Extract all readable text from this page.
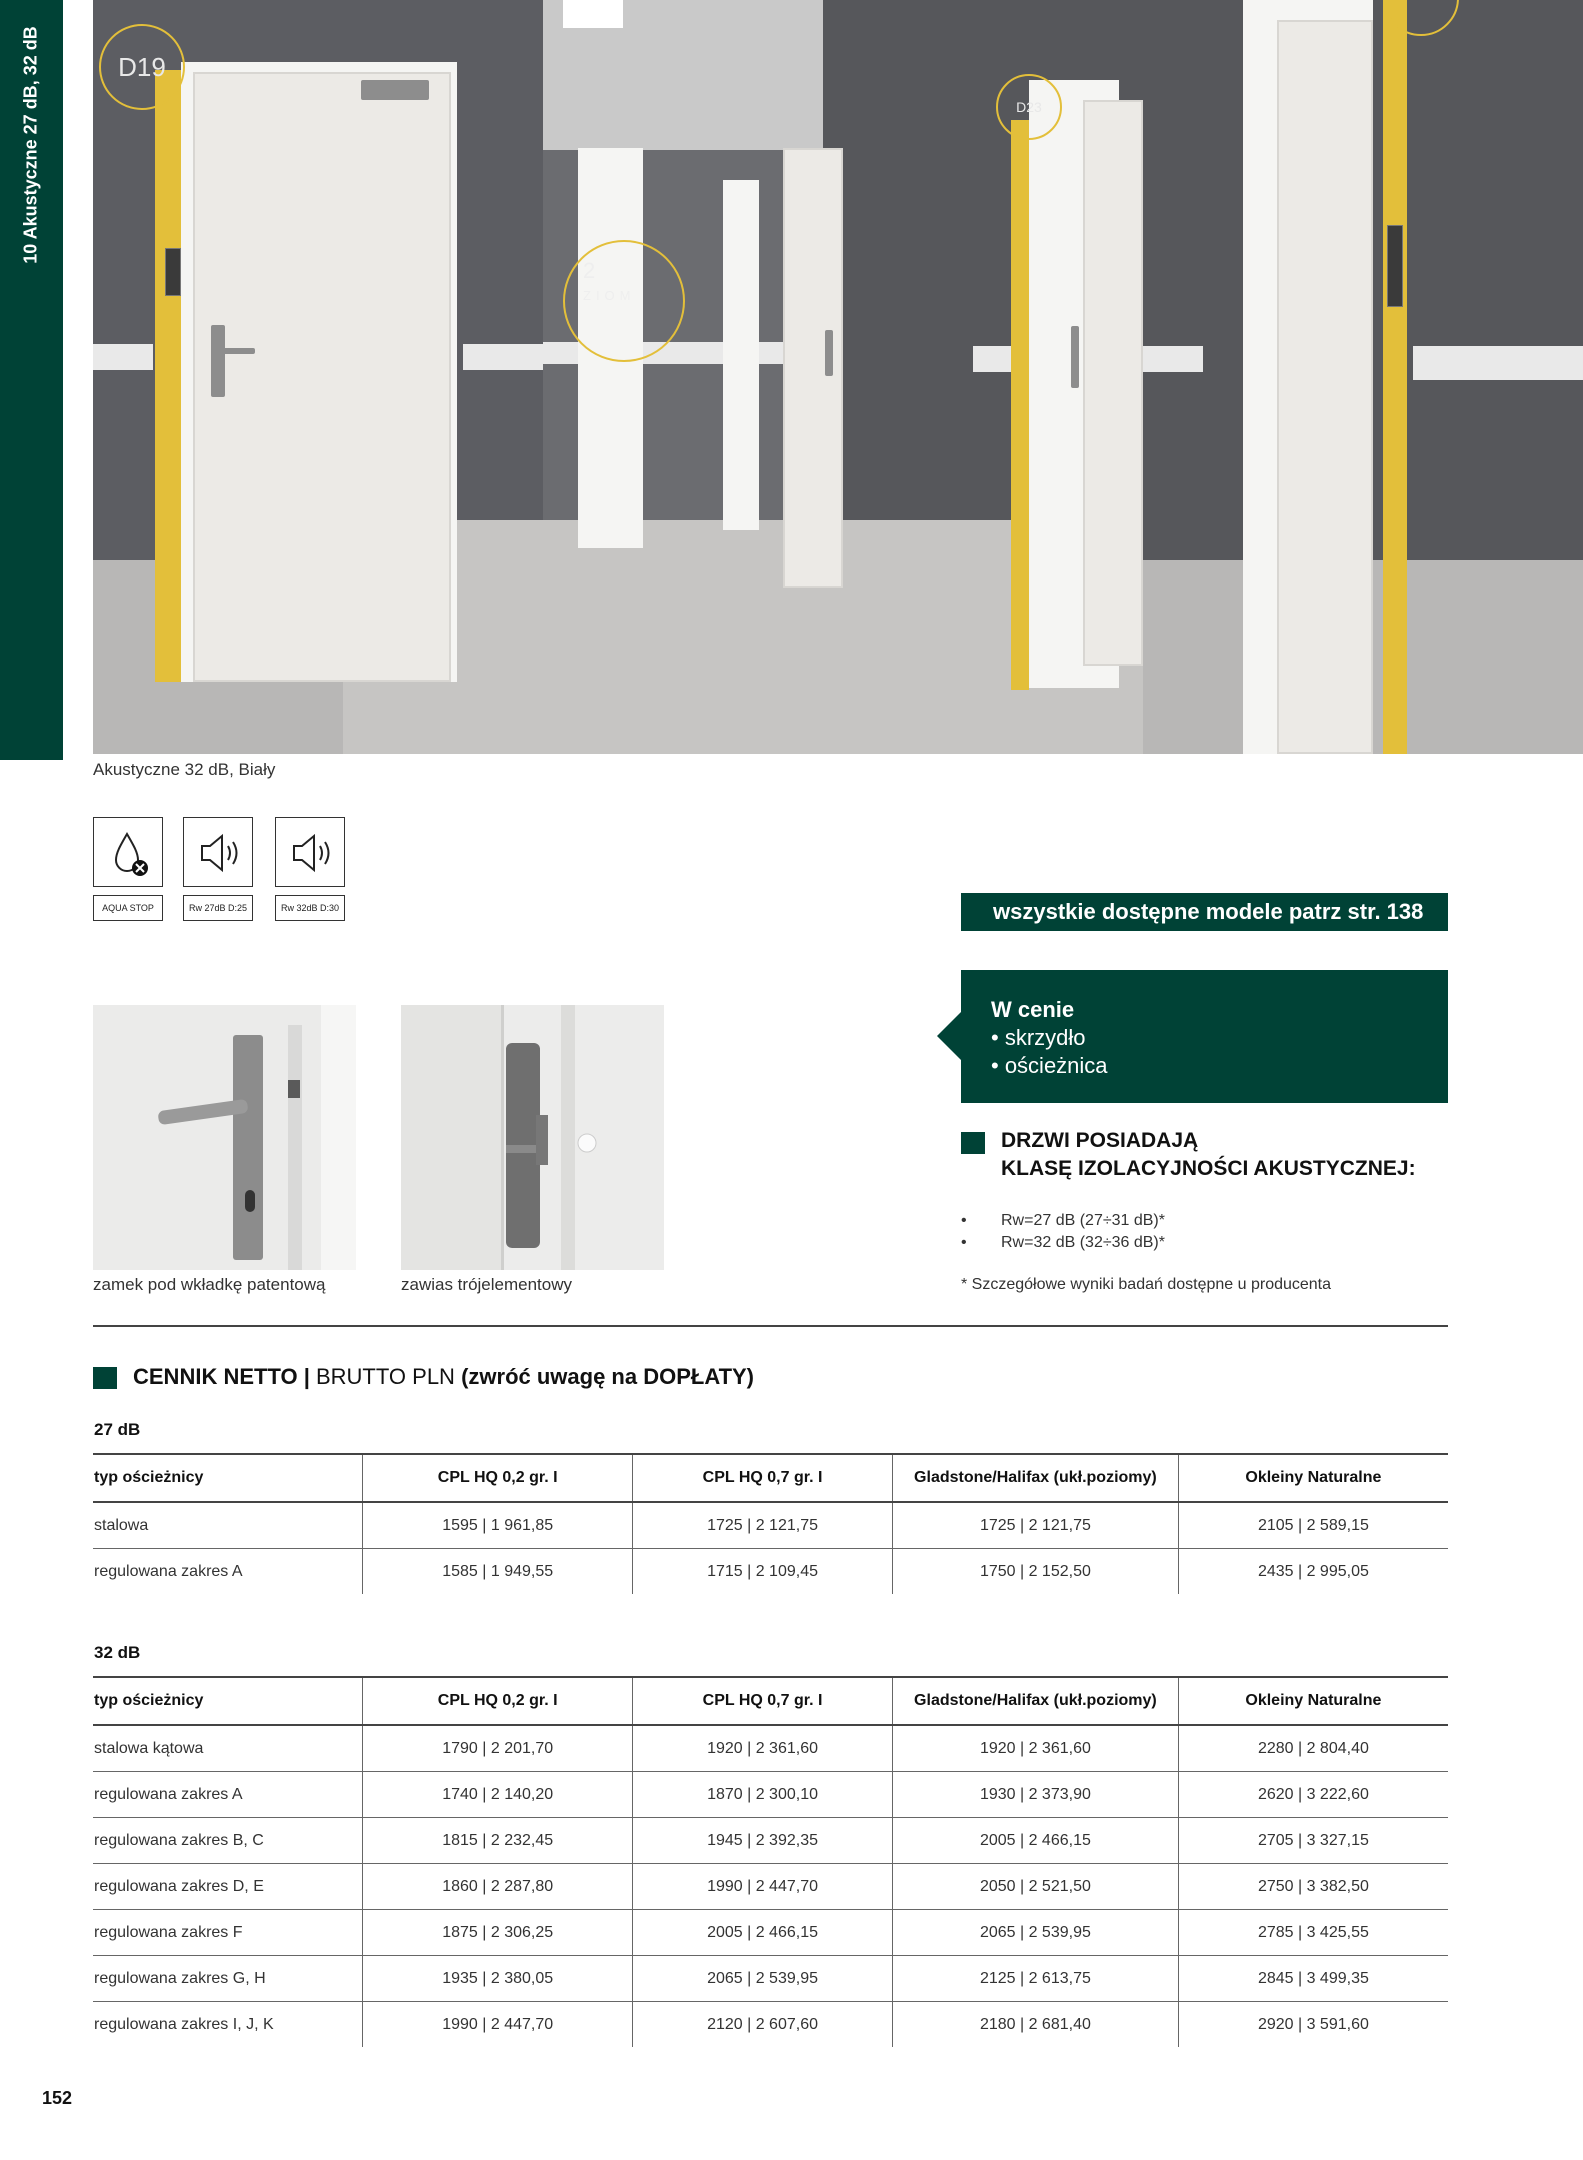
10 Akustyczne 27 dB, 32 dB	D19
D23
2
ZIOM
Akustyczne 32 dB, Biały
AQUA STOP	Rw 27dB D:25	Rw 32dB D:30	wszystkie dostępne modele patrz str. 138
zamek pod wkładkę patentową	zawias trójelementowy
W cenie
• skrzydło
• ościeżnica
DRZWI POSIADAJĄ
KLASĘ IZOLACYJNOŚCI AKUSTYCZNEJ:
• Rw=27 dB (27÷31 dB)*
• Rw=32 dB (32÷36 dB)*
* Szczegółowe wyniki badań dostępne u producenta
CENNIK NETTO | BRUTTO PLN (zwróć uwagę na DOPŁATY)
27 dB
typ ościeżnicy	CPL HQ 0,2 gr. I	CPL HQ 0,7 gr. I	Gladstone/Halifax (ukł.poziomy)	Okleiny Naturalne
stalowa	1595 | 1 961,85	1725 | 2 121,75	1725 | 2 121,75	2105 | 2 589,15
regulowana zakres A	1585 | 1 949,55	1715 | 2 109,45	1750 | 2 152,50	2435 | 2 995,05
32 dB
typ ościeżnicy	CPL HQ 0,2 gr. I	CPL HQ 0,7 gr. I	Gladstone/Halifax (ukł.poziomy)	Okleiny Naturalne
stalowa kątowa	1790 | 2 201,70	1920 | 2 361,60	1920 | 2 361,60	2280 | 2 804,40
regulowana zakres A	1740 | 2 140,20	1870 | 2 300,10	1930 | 2 373,90	2620 | 3 222,60
regulowana zakres B, C	1815 | 2 232,45	1945 | 2 392,35	2005 | 2 466,15	2705 | 3 327,15
regulowana zakres D, E	1860 | 2 287,80	1990 | 2 447,70	2050 | 2 521,50	2750 | 3 382,50
regulowana zakres F	1875 | 2 306,25	2005 | 2 466,15	2065 | 2 539,95	2785 | 3 425,55
regulowana zakres G, H	1935 | 2 380,05	2065 | 2 539,95	2125 | 2 613,75	2845 | 3 499,35
regulowana zakres I, J, K	1990 | 2 447,70	2120 | 2 607,60	2180 | 2 681,40	2920 | 3 591,60
152
